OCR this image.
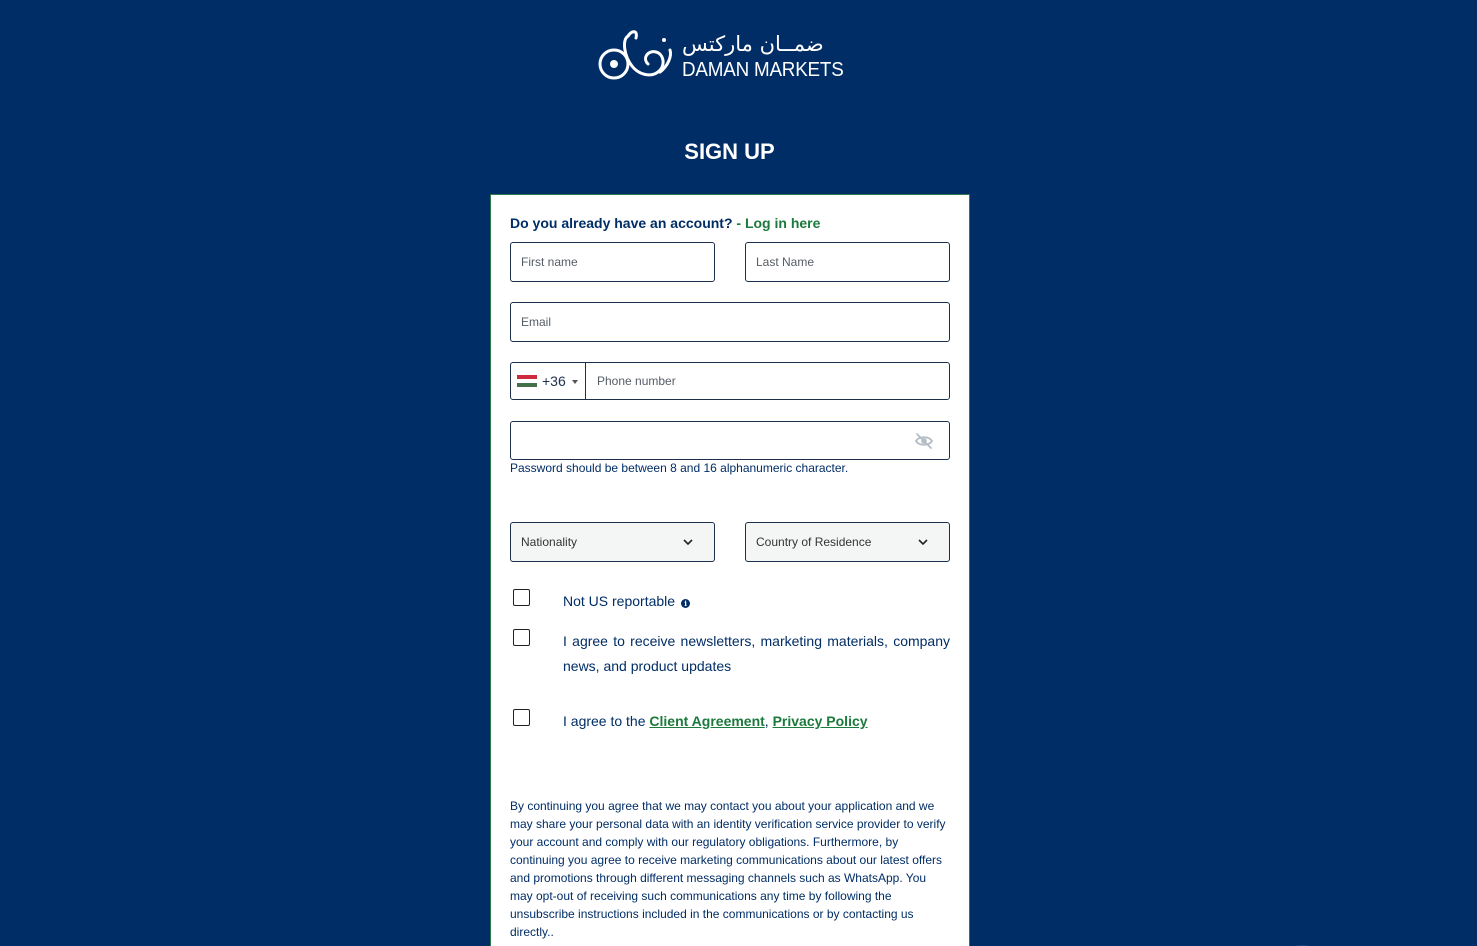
ضمــان ماركتس
DAMAN MARKETS
SIGN UP
Do you already have an account? - Log in here
First name
Last Name
Email
+36
Phone number
Password should be between 8 and 16 alphanumeric character.
Nationality	Country of Residence
Not US reportable i
I agree to receive newsletters, marketing materials, company news, and product updates
I agree to the Client Agreement, Privacy Policy
By continuing you agree that we may contact you about your application and we may share your personal data with an identity verification service provider to verify your account and comply with our regulatory obligations. Furthermore, by continuing you agree to receive marketing communications about our latest offers and promotions through different messaging channels such as WhatsApp. You may opt-out of receiving such communications any time by following the unsubscribe instructions included in the communications or by contacting us directly..
